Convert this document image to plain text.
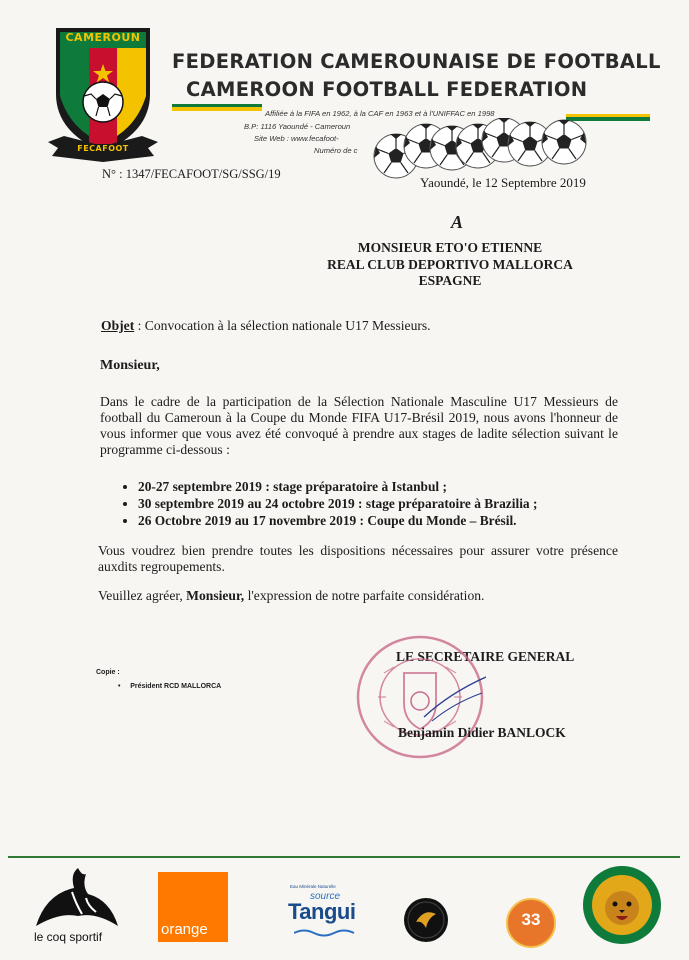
CAMEROUN
FECAFOOT
FEDERATION CAMEROUNAISE DE FOOTBALL
CAMEROON FOOTBALL FEDERATION
Affiliée à la FIFA en 1962, à la CAF en 1963 et à l'UNIFFAC en 1998
B.P: 1116 Yaoundé - Cameroun
Site Web : www.fecafoot-
Numéro de c
N° : 1347/FECAFOOT/SG/SSG/19
Yaoundé, le 12 Septembre 2019
A
MONSIEUR ETO'O ETIENNE
REAL CLUB DEPORTIVO MALLORCA
ESPAGNE
Objet : Convocation à la sélection nationale U17 Messieurs.
Monsieur,
Dans le cadre de la participation de la Sélection Nationale Masculine U17 Messieurs de football du Cameroun à la Coupe du Monde FIFA U17-Brésil 2019, nous avons l'honneur de vous informer que vous avez été convoqué à prendre aux stages de ladite sélection suivant le programme ci-dessous :
• 20-27 septembre 2019 : stage préparatoire à Istanbul ;
• 30 septembre 2019 au 24 octobre 2019 : stage préparatoire à Brazilia ;
• 26 Octobre 2019 au 17 novembre 2019 : Coupe du Monde – Brésil.
Vous voudrez bien prendre toutes les dispositions nécessaires pour assurer votre présence auxdits regroupements.
Veuillez agréer, Monsieur, l'expression de notre parfaite considération.
LE SECRETAIRE GENERAL
Benjamin Didier BANLOCK
Copie :
•     Président RCD MALLORCA
le coq sportif	orange
Eau Minérale Naturelle
source
Tangui	33
